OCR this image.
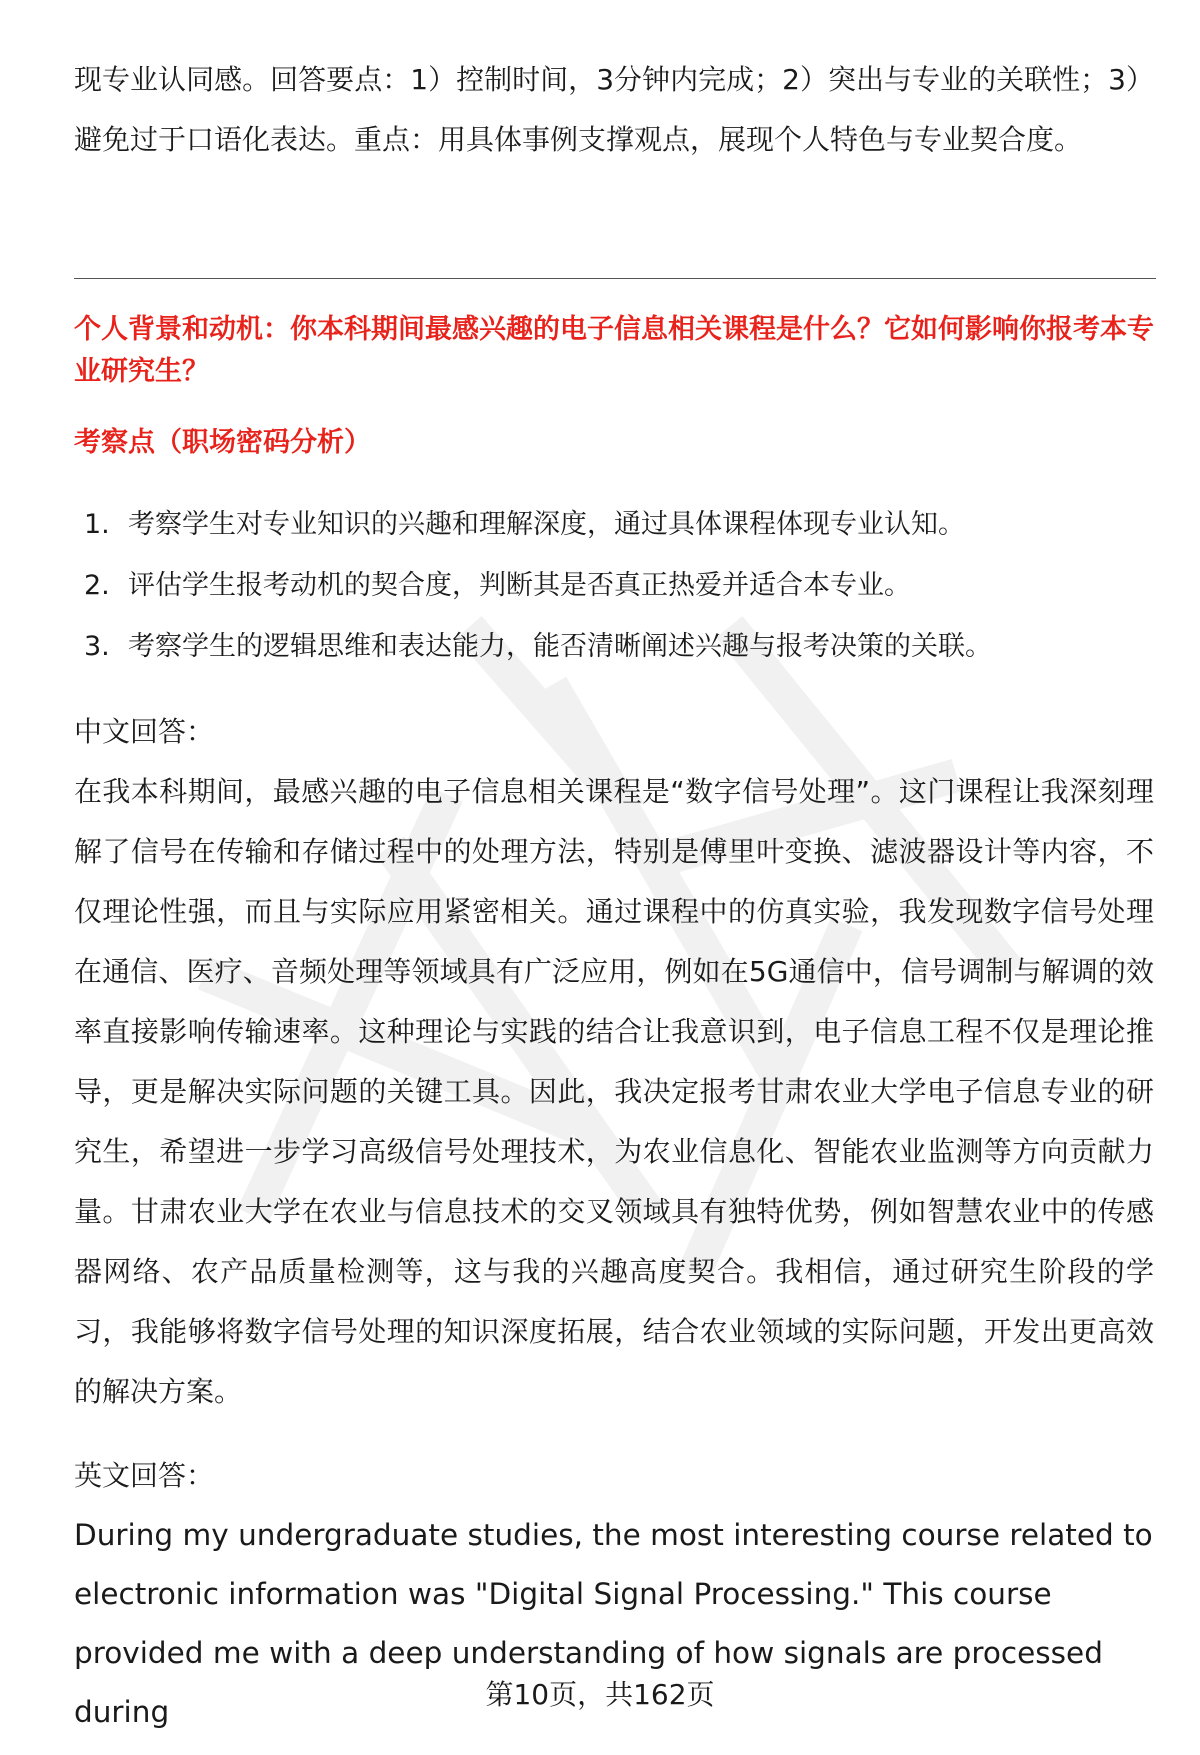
现专业认同感。回答要点：1）控制时间，3分钟内完成；2）突出与专业的关联性；3）避免过于口语化表达。重点：用具体事例支撑观点，展现个人特色与专业契合度。

个人背景和动机：你本科期间最感兴趣的电子信息相关课程是什么？它如何影响你报考本专业研究生？

考察点（职场密码分析）

1. 考察学生对专业知识的兴趣和理解深度，通过具体课程体现专业认知。
2. 评估学生报考动机的契合度，判断其是否真正热爱并适合本专业。
3. 考察学生的逻辑思维和表达能力，能否清晰阐述兴趣与报考决策的关联。

中文回答：

在我本科期间，最感兴趣的电子信息相关课程是“数字信号处理”。这门课程让我深刻理解了信号在传输和存储过程中的处理方法，特别是傅里叶变换、滤波器设计等内容，不仅理论性强，而且与实际应用紧密相关。通过课程中的仿真实验，我发现数字信号处理在通信、医疗、音频处理等领域具有广泛应用，例如在5G通信中，信号调制与解调的效率直接影响传输速率。这种理论与实践的结合让我意识到，电子信息工程不仅是理论推导，更是解决实际问题的关键工具。因此，我决定报考甘肃农业大学电子信息专业的研究生，希望进一步学习高级信号处理技术，为农业信息化、智能农业监测等方向贡献力量。甘肃农业大学在农业与信息技术的交叉领域具有独特优势，例如智慧农业中的传感器网络、农产品质量检测等，这与我的兴趣高度契合。我相信，通过研究生阶段的学习，我能够将数字信号处理的知识深度拓展，结合农业领域的实际问题，开发出更高效的解决方案。

英文回答：

During my undergraduate studies, the most interesting course related to electronic information was "Digital Signal Processing." This course provided me with a deep understanding of how signals are processed during

第10页，共162页
